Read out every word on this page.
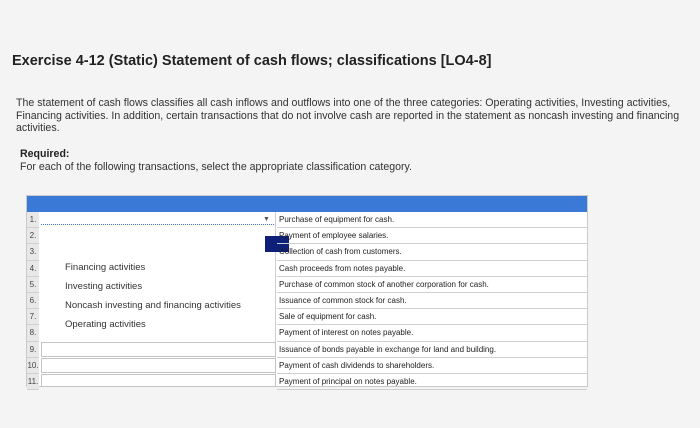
Exercise 4-12 (Static) Statement of cash flows; classifications [LO4-8]
The statement of cash flows classifies all cash inflows and outflows into one of the three categories: Operating activities, Investing activities, Financing activities. In addition, certain transactions that do not involve cash are reported in the statement as noncash investing and financing activities.
Required:
For each of the following transactions, select the appropriate classification category.
1.
2.
3.
4.
5.
6.
7.
8.
9.
10.
11.
▼
Financing activities
Investing activities
Noncash investing and financing activities
Operating activities
Purchase of equipment for cash.
Payment of employee salaries.
Collection of cash from customers.
Cash proceeds from notes payable.
Purchase of common stock of another corporation for cash.
Issuance of common stock for cash.
Sale of equipment for cash.
Payment of interest on notes payable.
Issuance of bonds payable in exchange for land and building.
Payment of cash dividends to shareholders.
Payment of principal on notes payable.
